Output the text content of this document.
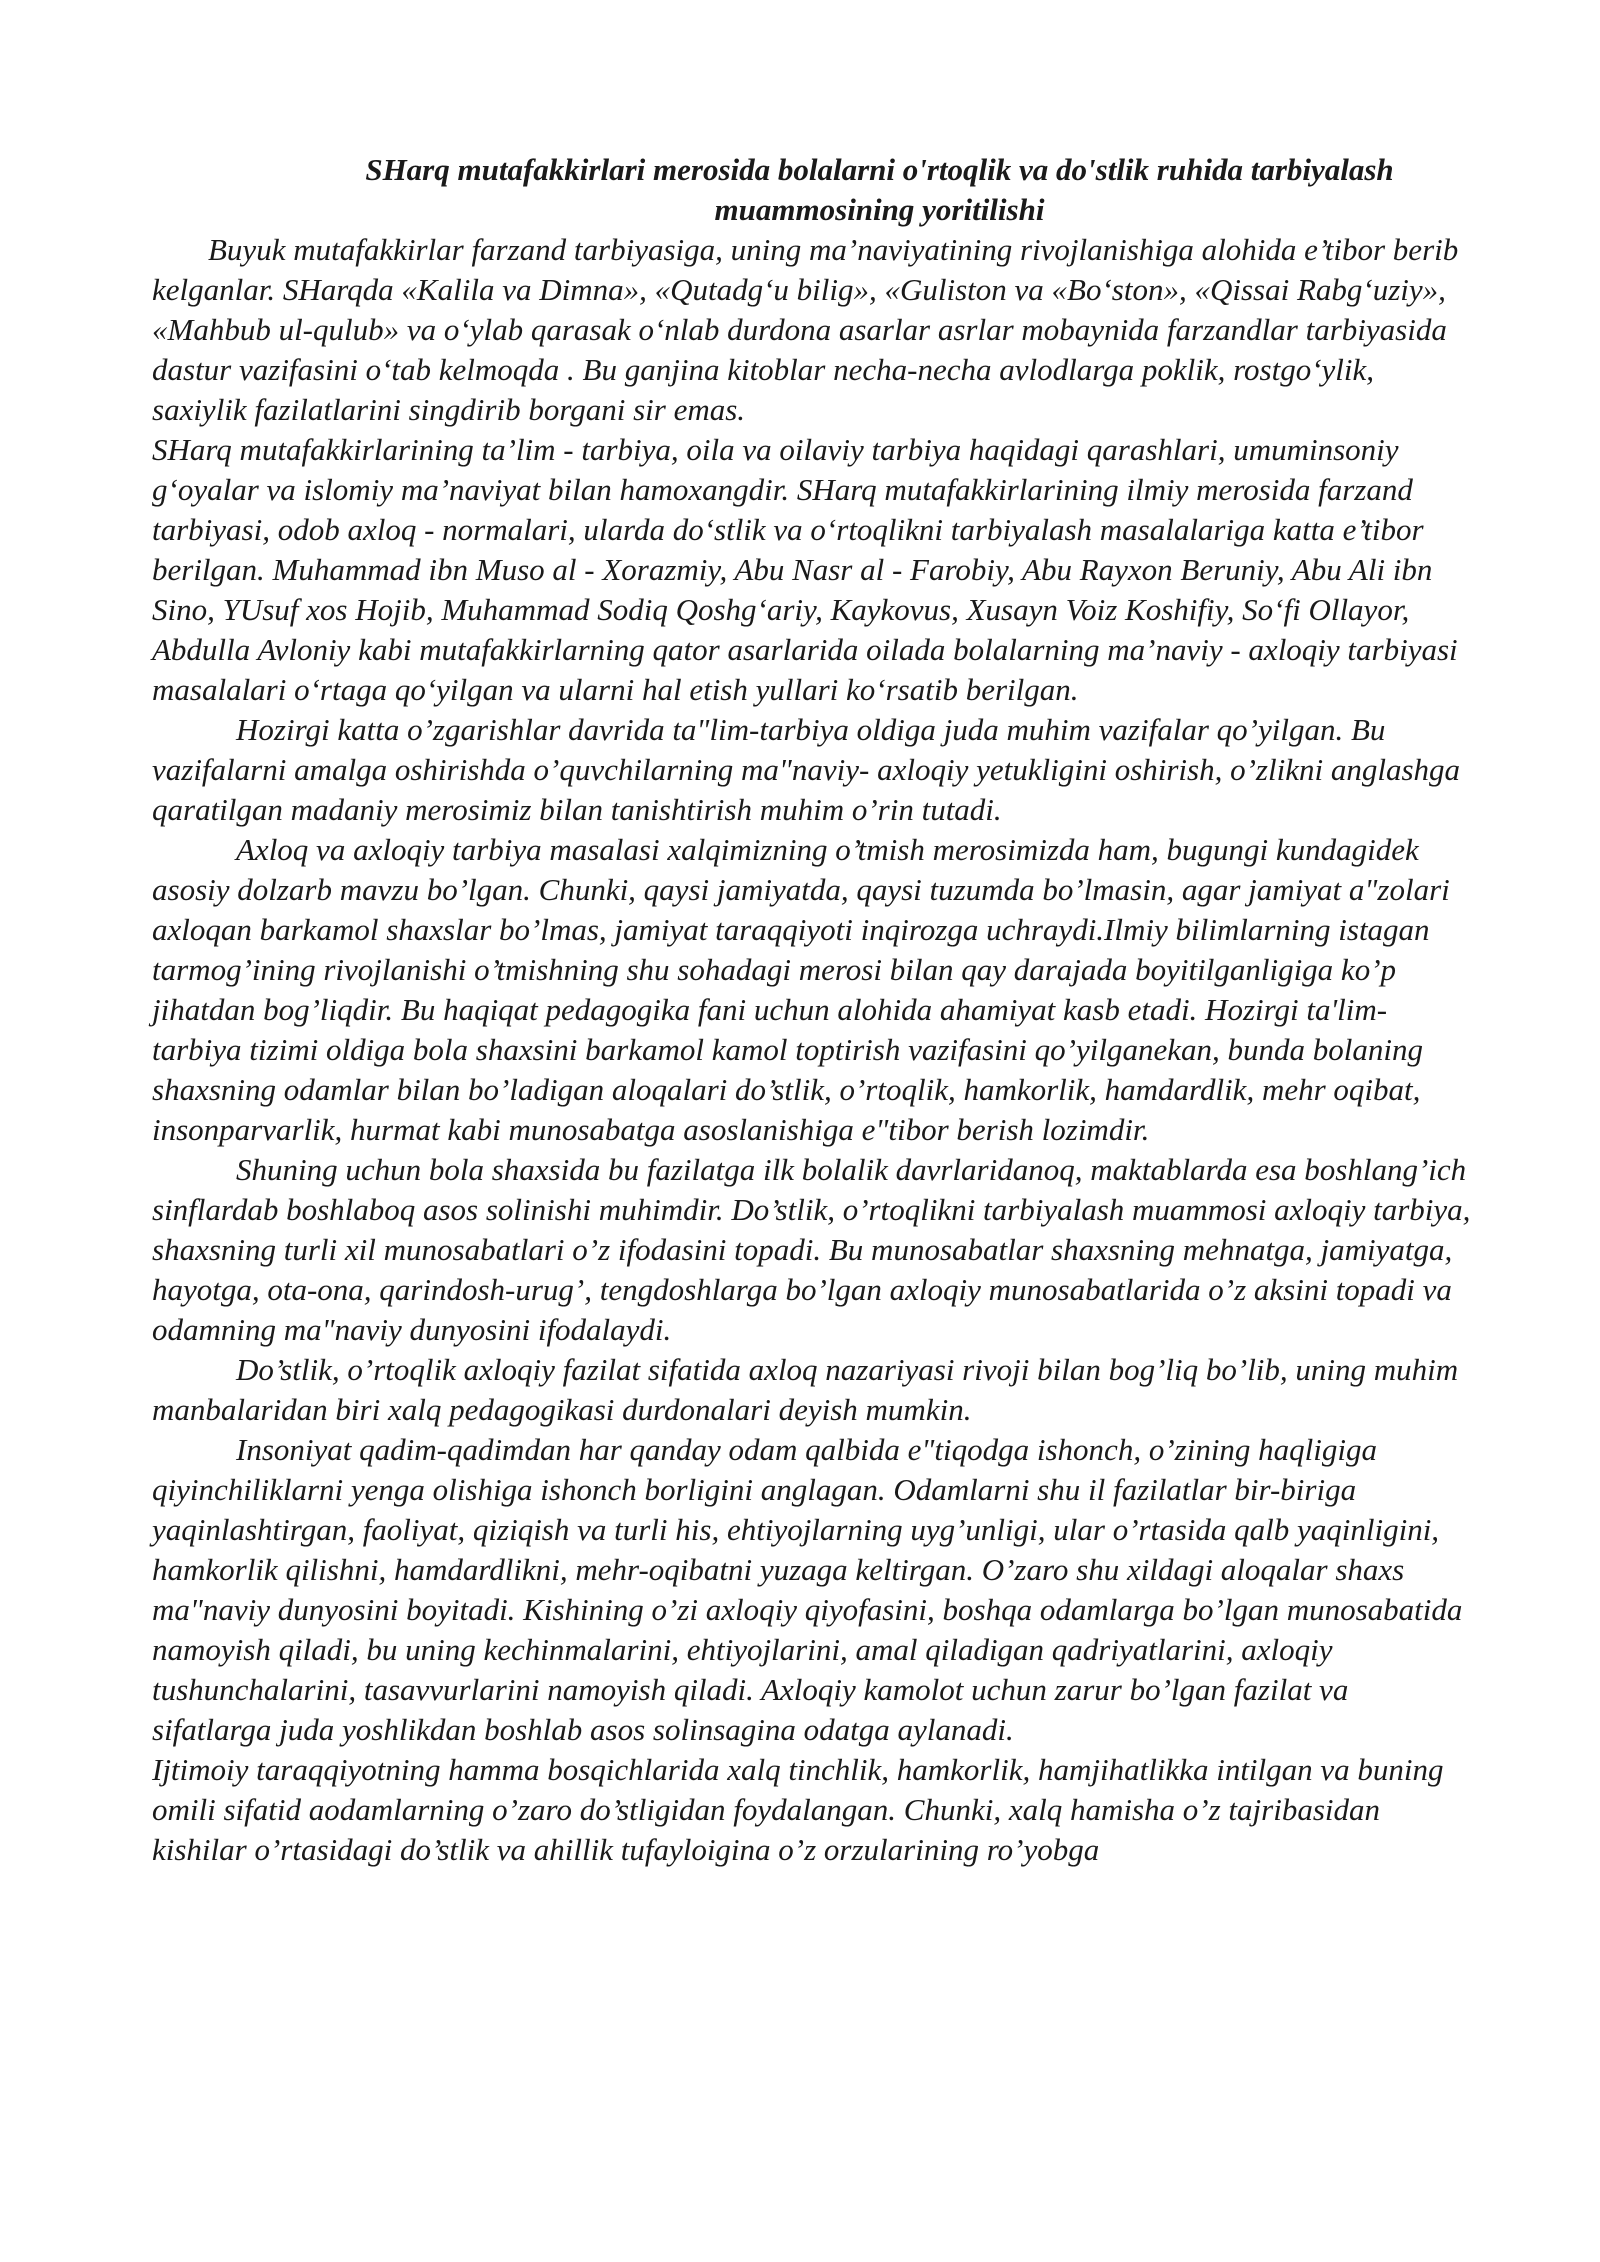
SHarq mutafakkirlari merosida bolalarni o'rtoqlik va do'stlik ruhida tarbiyalash muammosining yoritilishi

Buyuk mutafakkirlar farzand tarbiyasiga, uning ma’naviyatining rivojlanishiga alohida e’tibor berib kelganlar. SHarqda «Kalila va Dimna», «Qutadg‘u bilig», «Guliston va «Bo‘ston», «Qissai Rabg‘uziy», «Mahbub ul-qulub» va o‘ylab qarasak o‘nlab durdona asarlar asrlar mobaynida farzandlar tarbiyasida dastur vazifasini o‘tab kelmoqda . Bu ganjina kitoblar necha-necha avlodlarga poklik, rostgo‘ylik, saxiylik fazilatlarini singdirib borgani sir emas.

SHarq mutafakkirlarining ta’lim - tarbiya, oila va oilaviy tarbiya haqidagi qarashlari, umuminsoniy g‘oyalar va islomiy ma’naviyat bilan hamoxangdir. SHarq mutafakkirlarining ilmiy merosida farzand tarbiyasi, odob axloq - normalari, ularda do‘stlik va o‘rtoqlikni tarbiyalash masalalariga katta e’tibor berilgan. Muhammad ibn Muso al - Xorazmiy, Abu Nasr al - Farobiy, Abu Rayxon Beruniy, Abu Ali ibn Sino, YUsuf xos Hojib, Muhammad Sodiq Qoshg‘ariy, Kaykovus, Xusayn Voiz Koshifiy, So‘fi Ollayor, Abdulla Avloniy kabi mutafakkirlarning qator asarlarida oilada bolalarning ma’naviy - axloqiy tarbiyasi masalalari o‘rtaga qo‘yilgan va ularni hal etish yullari ko‘rsatib berilgan.

Hozirgi katta o’zgarishlar davrida ta"lim-tarbiya oldiga juda muhim vazifalar qo’yilgan. Bu vazifalarni amalga oshirishda o’quvchilarning ma"naviy- axloqiy yetukligini oshirish, o’zlikni anglashga qaratilgan madaniy merosimiz bilan tanishtirish muhim o’rin tutadi.

Axloq va axloqiy tarbiya masalasi xalqimizning o’tmish merosimizda ham, bugungi kundagidek asosiy dolzarb mavzu bo’lgan. Chunki, qaysi jamiyatda, qaysi tuzumda bo’lmasin, agar jamiyat a"zolari axloqan barkamol shaxslar bo’lmas, jamiyat taraqqiyoti inqirozga uchraydi.Ilmiy bilimlarning istagan tarmog’ining rivojlanishi o’tmishning shu sohadagi merosi bilan qay darajada boyitilganligiga ko’p jihatdan bog’liqdir. Bu haqiqat pedagogika fani uchun alohida ahamiyat kasb etadi. Hozirgi ta'lim-tarbiya tizimi oldiga bola shaxsini barkamol kamol toptirish vazifasini qo’yilganekan, bunda bolaning shaxsning odamlar bilan bo’ladigan aloqalari do’stlik, o’rtoqlik, hamkorlik, hamdardlik, mehr oqibat, insonparvarlik, hurmat kabi munosabatga asoslanishiga e"tibor berish lozimdir.

Shuning uchun bola shaxsida bu fazilatga ilk bolalik davrlaridanoq, maktablarda esa boshlang’ich sinflardab boshlaboq asos solinishi muhimdir. Do’stlik, o’rtoqlikni tarbiyalash muammosi axloqiy tarbiya, shaxsning turli xil munosabatlari o’z ifodasini topadi. Bu munosabatlar shaxsning mehnatga, jamiyatga, hayotga, ota-ona, qarindosh-urug’, tengdoshlarga bo’lgan axloqiy munosabatlarida o’z aksini topadi va odamning ma"naviy dunyosini ifodalaydi.

Do’stlik, o’rtoqlik axloqiy fazilat sifatida axloq nazariyasi rivoji bilan bog’liq bo’lib, uning muhim manbalaridan biri xalq pedagogikasi durdonalari deyish mumkin.

Insoniyat qadim-qadimdan har qanday odam qalbida e"tiqodga ishonch, o’zining haqligiga qiyinchiliklarni yenga olishiga ishonch borligini anglagan. Odamlarni shu il fazilatlar bir-biriga yaqinlashtirgan, faoliyat, qiziqish va turli his, ehtiyojlarning uyg’unligi, ular o’rtasida qalb yaqinligini, hamkorlik qilishni, hamdardlikni, mehr-oqibatni yuzaga keltirgan. O’zaro shu xildagi aloqalar shaxs ma"naviy dunyosini boyitadi. Kishining o’zi axloqiy qiyofasini, boshqa odamlarga bo’lgan munosabatida namoyish qiladi, bu uning kechinmalarini, ehtiyojlarini, amal qiladigan qadriyatlarini, axloqiy tushunchalarini, tasavvurlarini namoyish qiladi. Axloqiy kamolot uchun zarur bo’lgan fazilat va sifatlarga juda yoshlikdan boshlab asos solinsagina odatga aylanadi.

Ijtimoiy taraqqiyotning hamma bosqichlarida xalq tinchlik, hamkorlik, hamjihatlikka intilgan va buning omili sifatid aodamlarning o’zaro do’stligidan foydalangan. Chunki, xalq hamisha o’z tajribasidan kishilar o’rtasidagi do’stlik va ahillik tufayloigina o’z orzularining ro’yobga
